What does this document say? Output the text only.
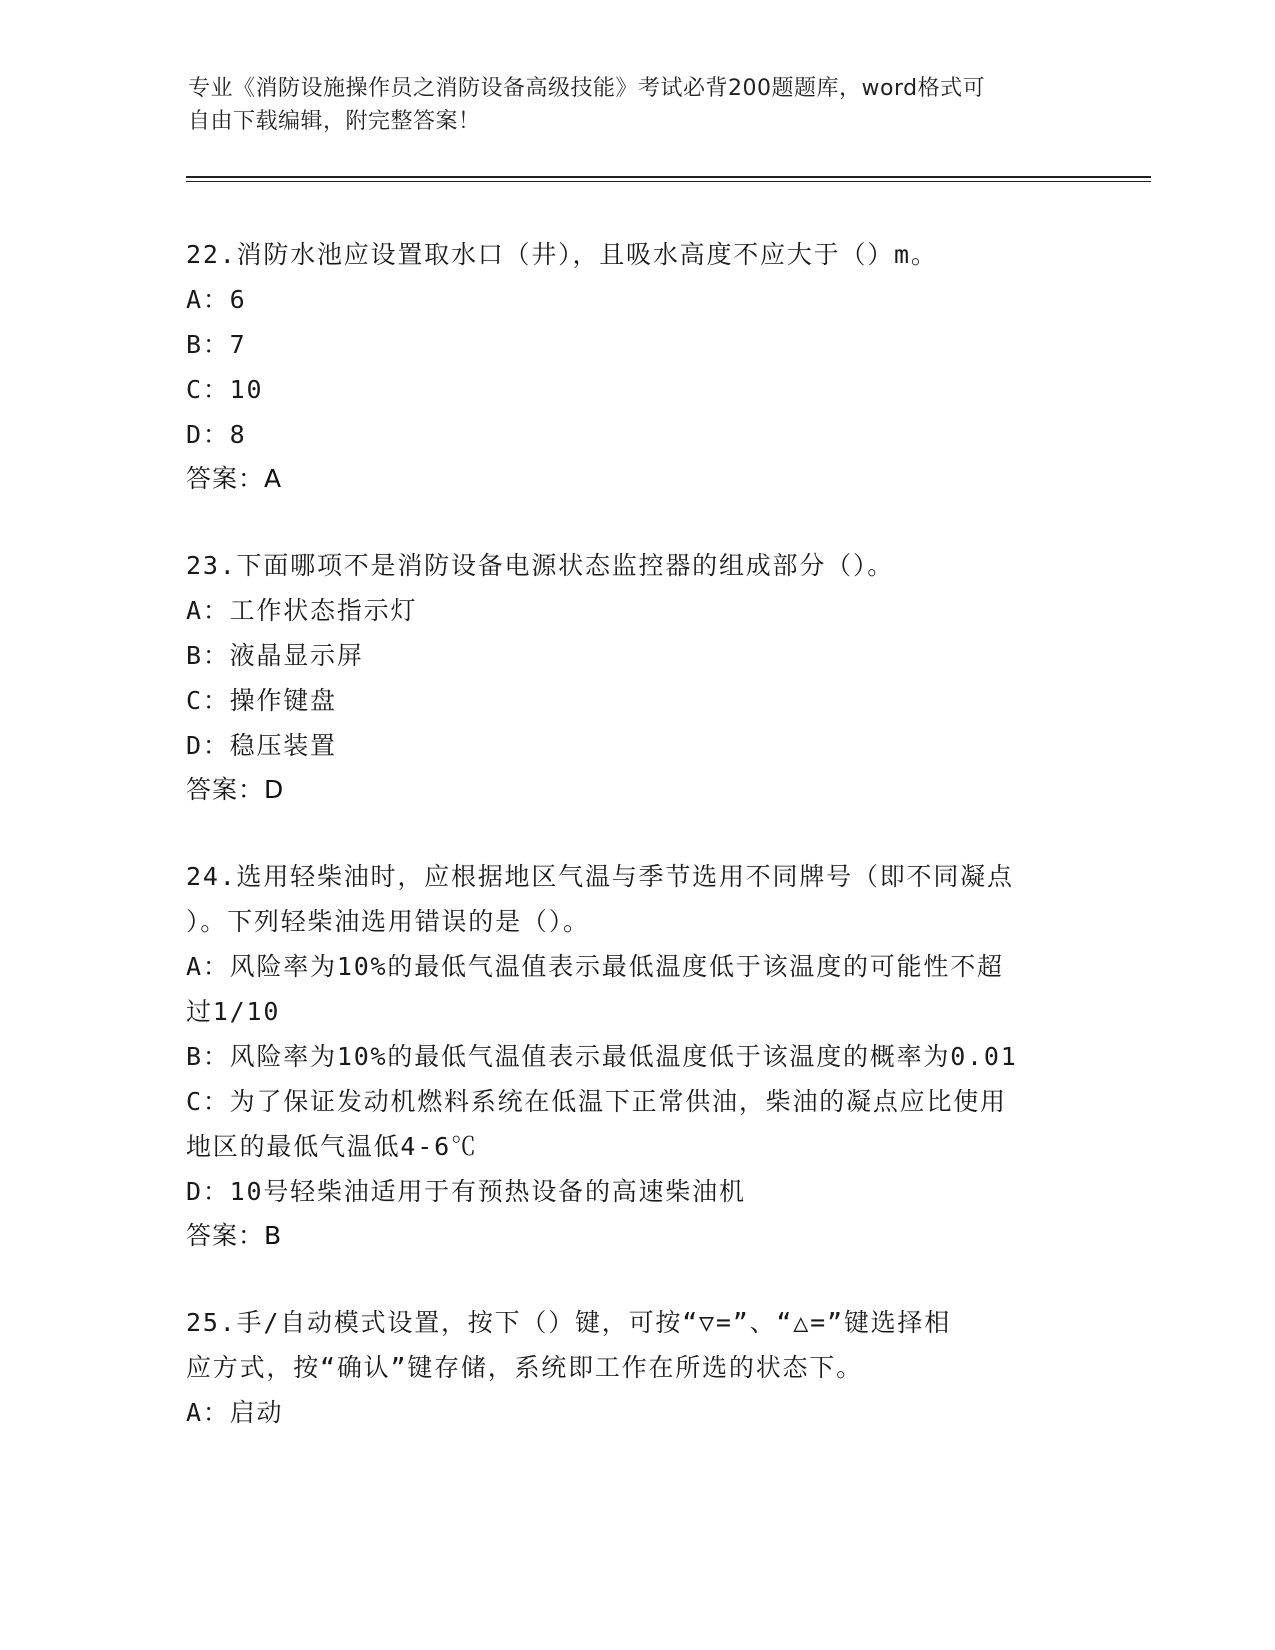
专业《消防设施操作员之消防设备高级技能》考试必背200题题库，word格式可
自由下载编辑，附完整答案！
22.消防水池应设置取水口（井），且吸水高度不应大于（）m。
A：6
B：7
C：10
D：8
答案：A
23.下面哪项不是消防设备电源状态监控器的组成部分（）。
A：工作状态指示灯
B：液晶显示屏
C：操作键盘
D：稳压装置
答案：D
24.选用轻柴油时，应根据地区气温与季节选用不同牌号（即不同凝点
）。下列轻柴油选用错误的是（）。
A：风险率为10%的最低气温值表示最低温度低于该温度的可能性不超
过1/10
B：风险率为10%的最低气温值表示最低温度低于该温度的概率为0.01
C：为了保证发动机燃料系统在低温下正常供油，柴油的凝点应比使用
地区的最低气温低4-6℃
D：10号轻柴油适用于有预热设备的高速柴油机
答案：B
25.手/自动模式设置，按下（）键，可按“▽=”、“△=”键选择相
应方式，按“确认”键存储，系统即工作在所选的状态下。
A：启动
